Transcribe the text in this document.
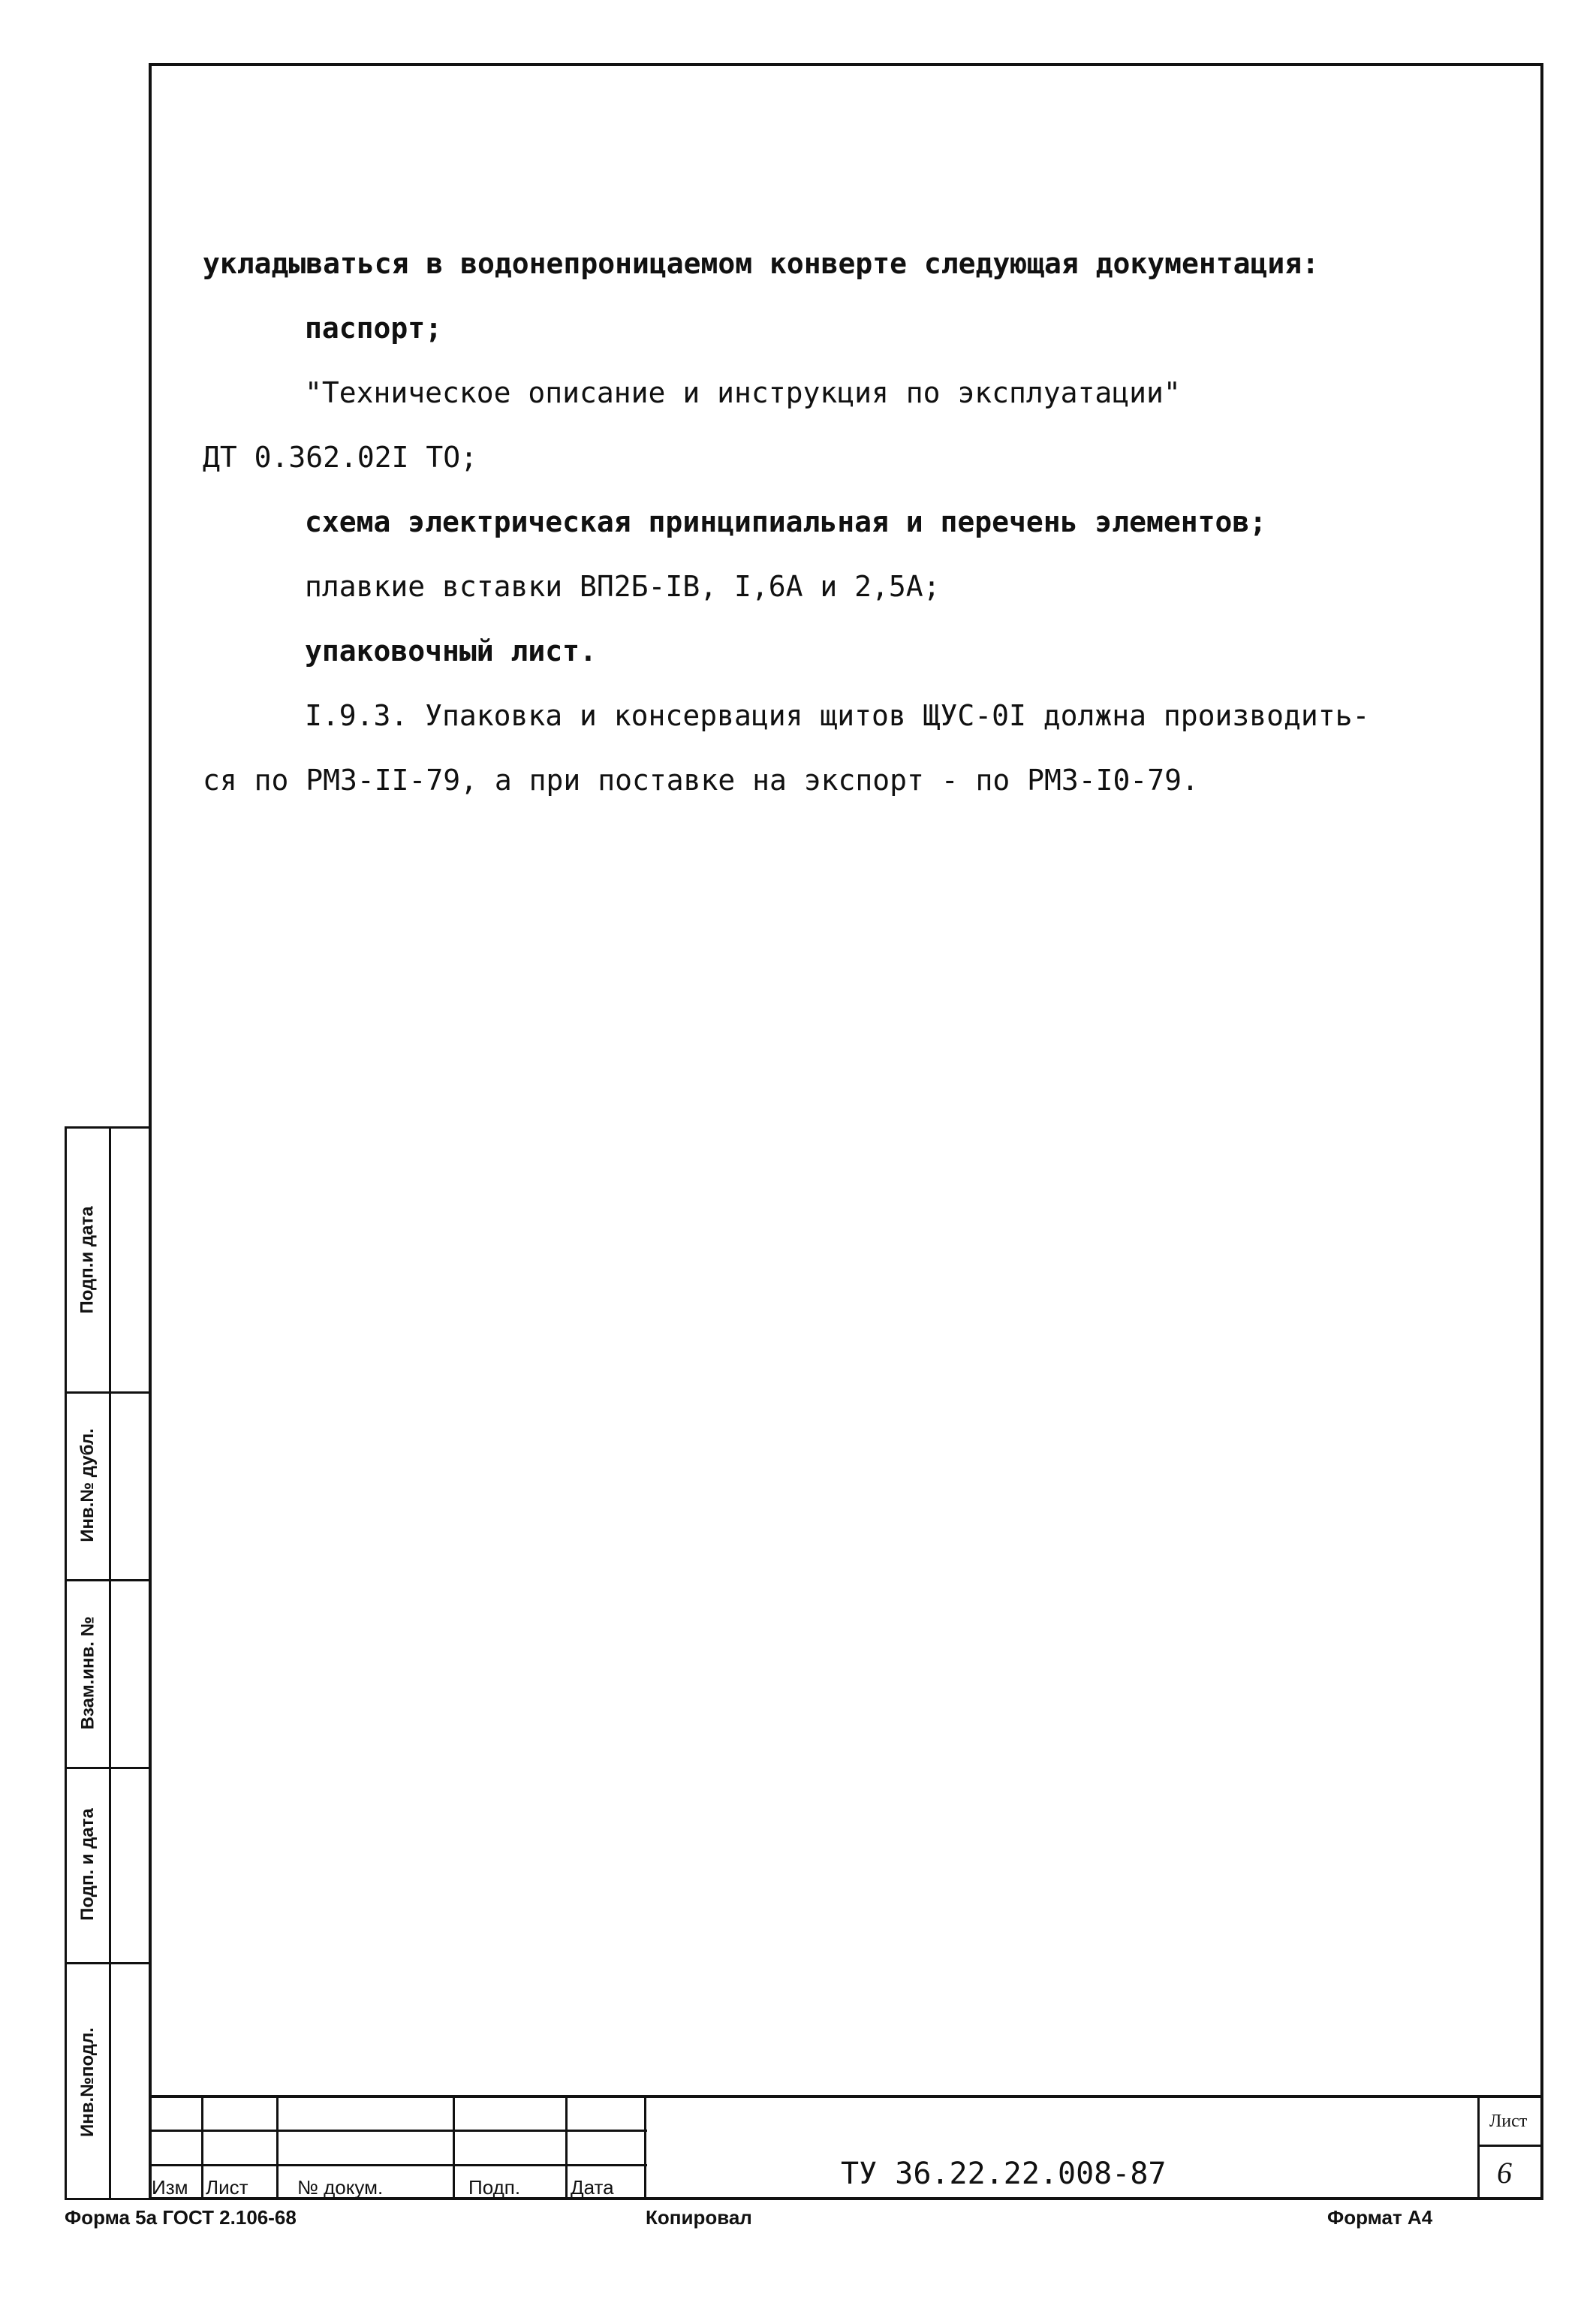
укладываться в водонепроницаемом конверте следующая документация:

паспорт;

"Техническое описание и инструкция по эксплуатации"

ДТ 0.362.02I ТО;

схема электрическая принципиальная и перечень элементов;

плавкие вставки ВП2Б-IВ, I,6А и 2,5А;

упаковочный лист.

I.9.3. Упаковка и консервация щитов ЩУС-0I должна производить-

ся по РМЗ-II-79, а при поставке на экспорт - по РМЗ-I0-79.

Подп.и дата
Инв.№ дубл.
Взам.инв. №
Подп. и дата
Инв.№подл.
Изм Лист	№ докум.	Подп.	Дата	ТУ 36.22.22.008-87
Лист
6
Форма 5а ГОСТ 2.106-68	Копировал	Формат А4
